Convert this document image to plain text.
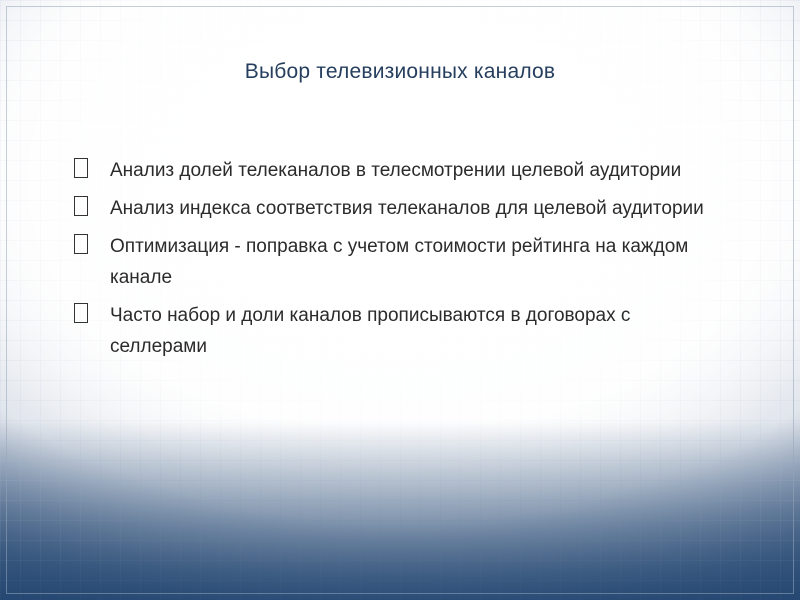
Выбор телевизионных каналов
Анализ долей телеканалов в телесмотрении целевой аудитории
Анализ индекса соответствия телеканалов для целевой аудитории
Оптимизация - поправка с учетом стоимости рейтинга на каждом канале
Часто набор и доли каналов прописываются в договорах с селлерами
